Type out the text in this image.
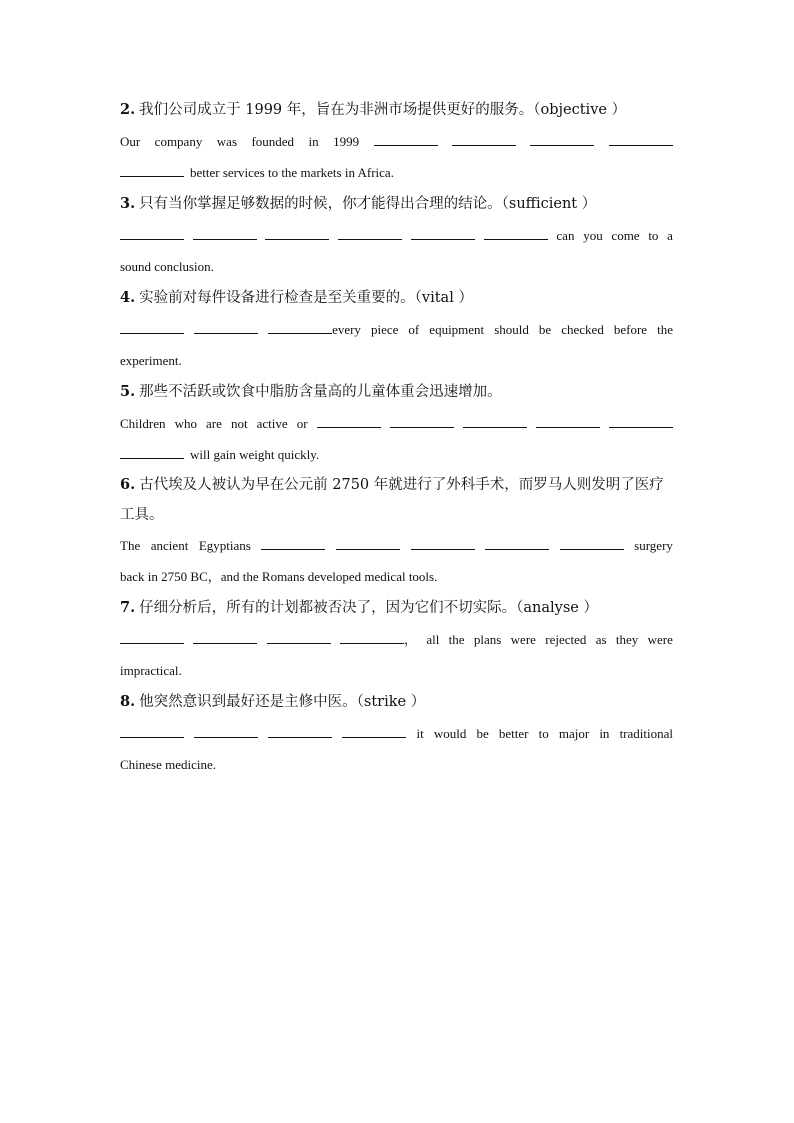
2. 我们公司成立于 1999 年，旨在为非洲市场提供更好的服务。（objective ）
Our company was founded in 1999
better services to the markets in Africa.
3. 只有当你掌握足够数据的时候，你才能得出合理的结论。（sufficient ）
can you come to a
sound conclusion.
4. 实验前对每件设备进行检查是至关重要的。（vital ）
every piece of equipment should be checked before the
experiment.
5. 那些不活跃或饮食中脂肪含量高的儿童体重会迅速增加。
Children who are not active or
will gain weight quickly.
6. 古代埃及人被认为早在公元前 2750 年就进行了外科手术，而罗马人则发明了医疗工具。
The ancient Egyptians	surgery
back in 2750 BC，and the Romans developed medical tools.
7. 仔细分析后，所有的计划都被否决了，因为它们不切实际。（analyse ）
， all the plans were rejected as they were
impractical.
8. 他突然意识到最好还是主修中医。（strike ）
it would be better to major in traditional
Chinese medicine.
